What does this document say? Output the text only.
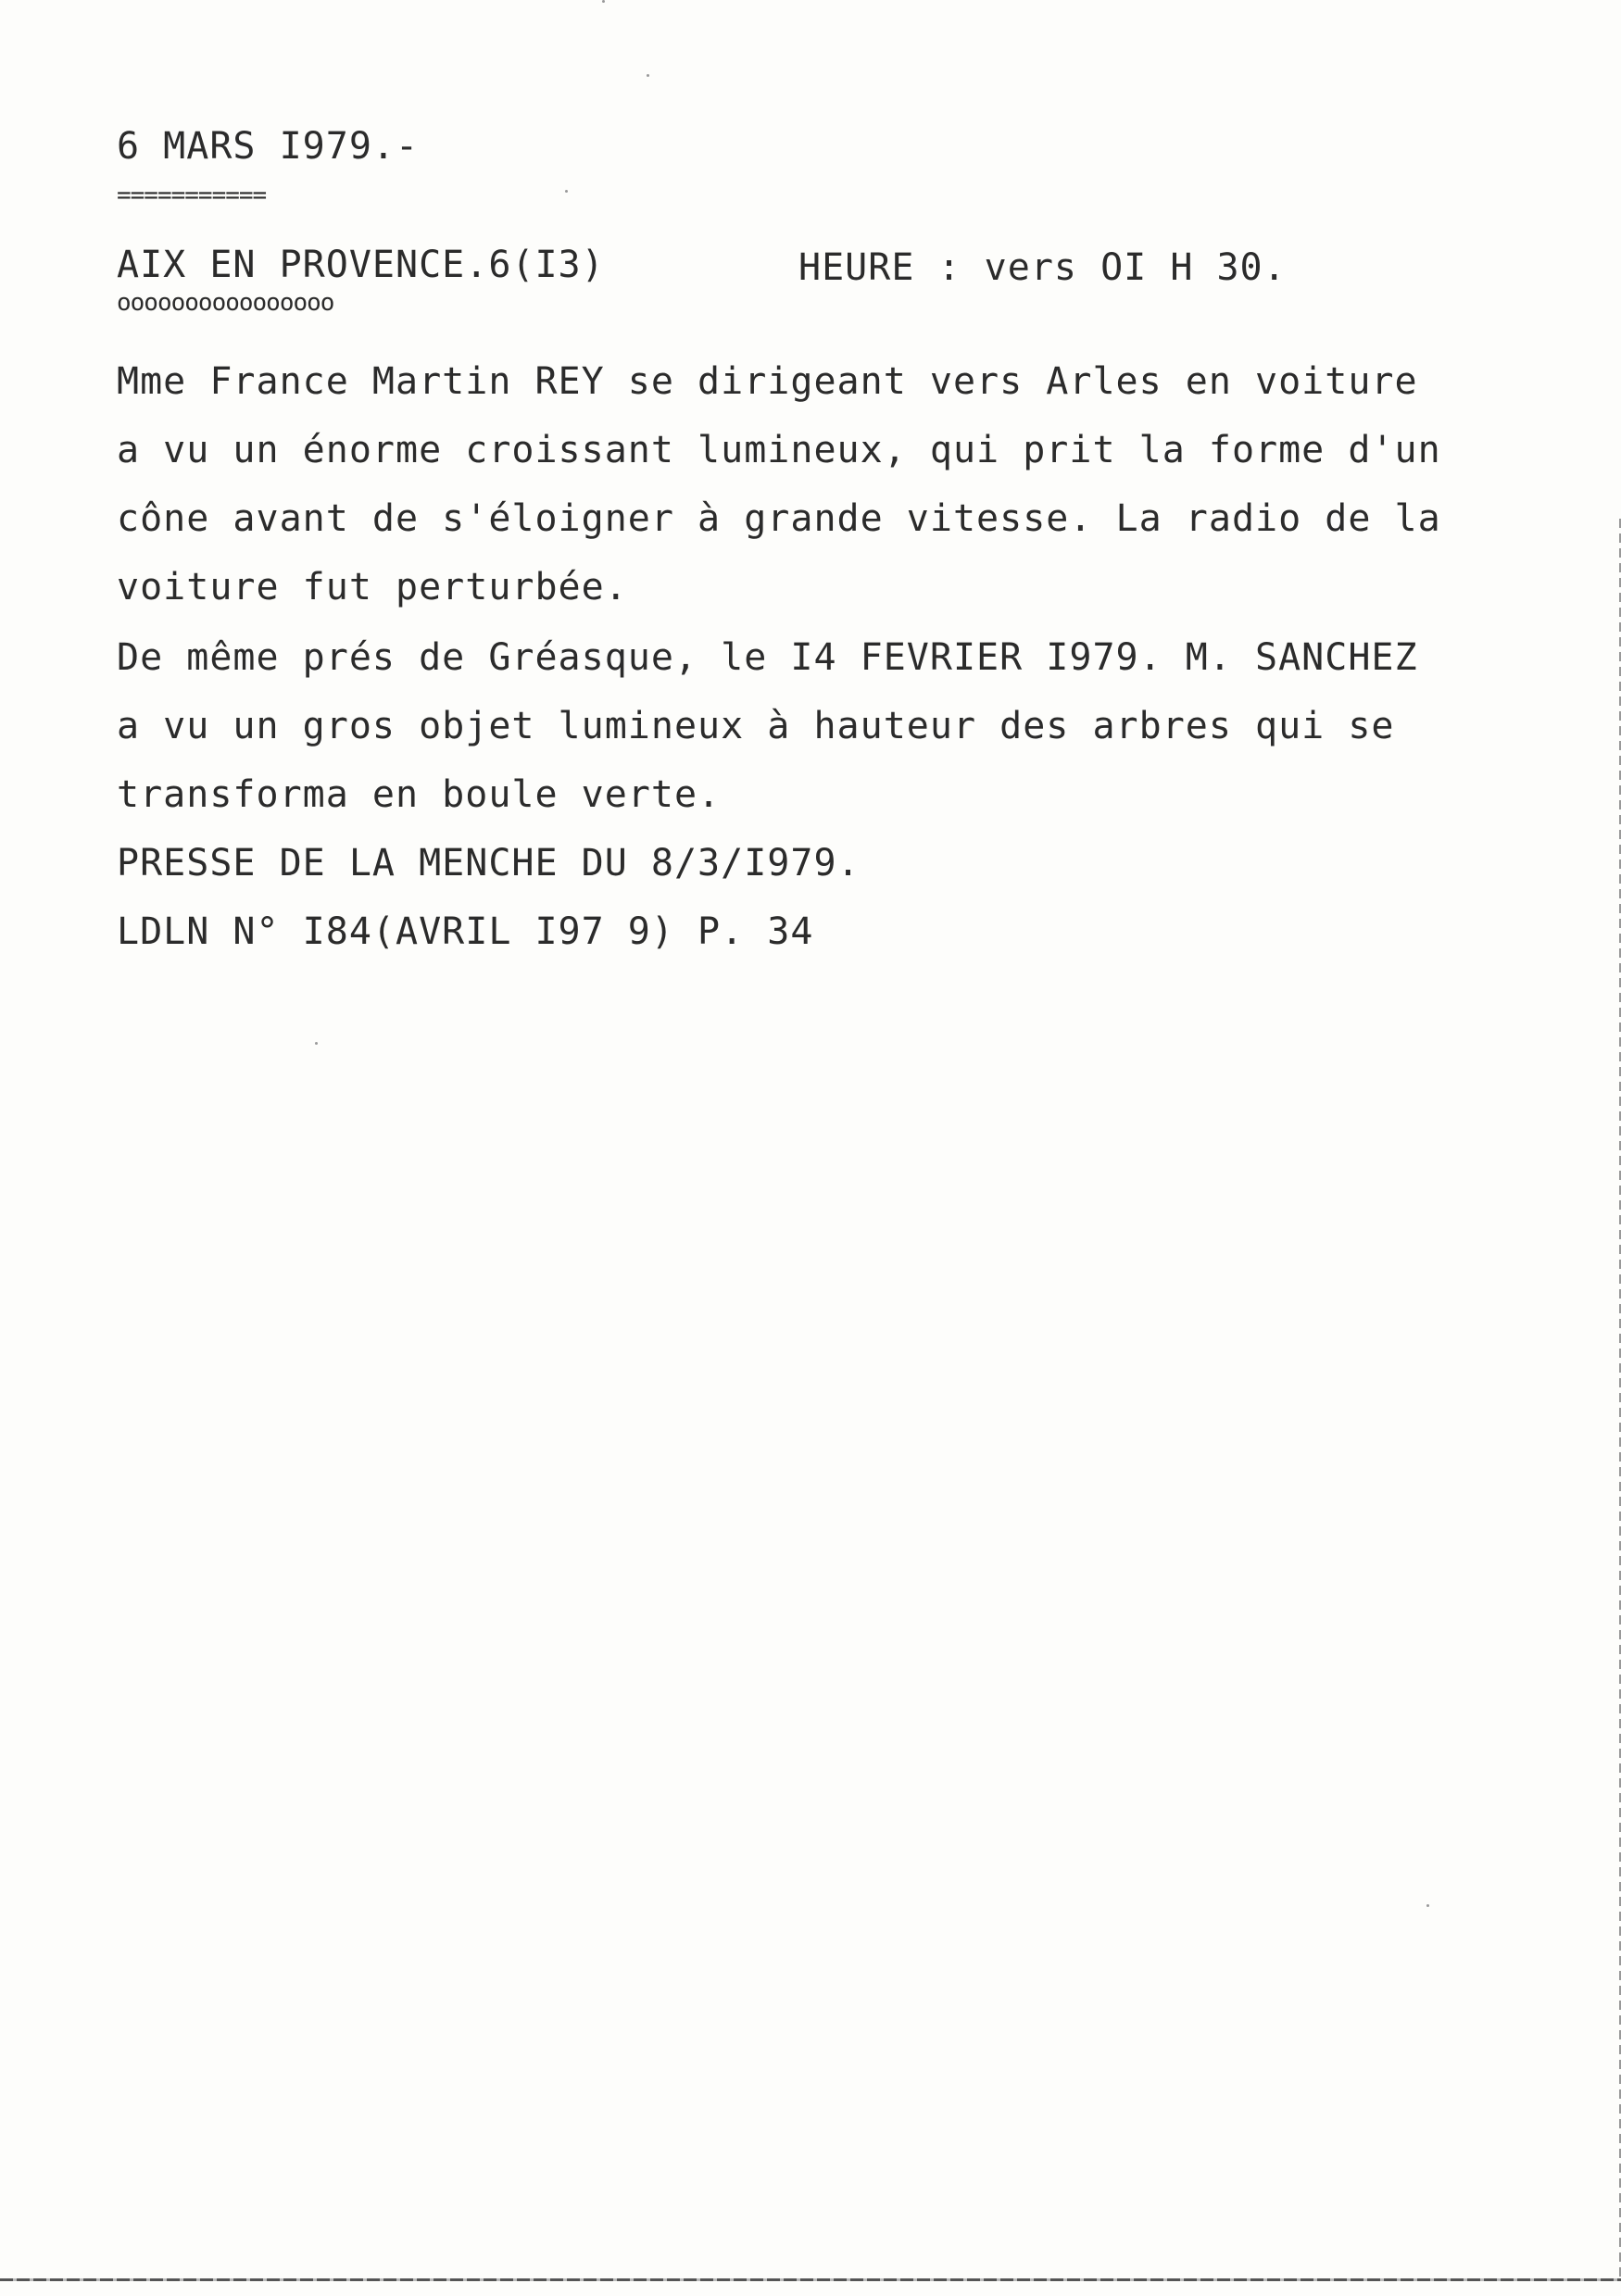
6 MARS I979.-
===========
AIX EN PROVENCE.6(I3)	HEURE : vers OI H 30.
oooooooooooooooo
Mme France Martin REY se dirigeant vers Arles en voiture
a vu un énorme croissant lumineux, qui prit la forme d'un
cône avant de s'éloigner à grande vitesse. La radio de la
voiture fut perturbée.
De même prés de Gréasque, le I4 FEVRIER I979. M. SANCHEZ
a vu un gros objet lumineux à hauteur des arbres qui se
transforma en boule verte.
PRESSE DE LA MENCHE DU 8/3/I979.
LDLN N° I84(AVRIL I97 9) P. 34
